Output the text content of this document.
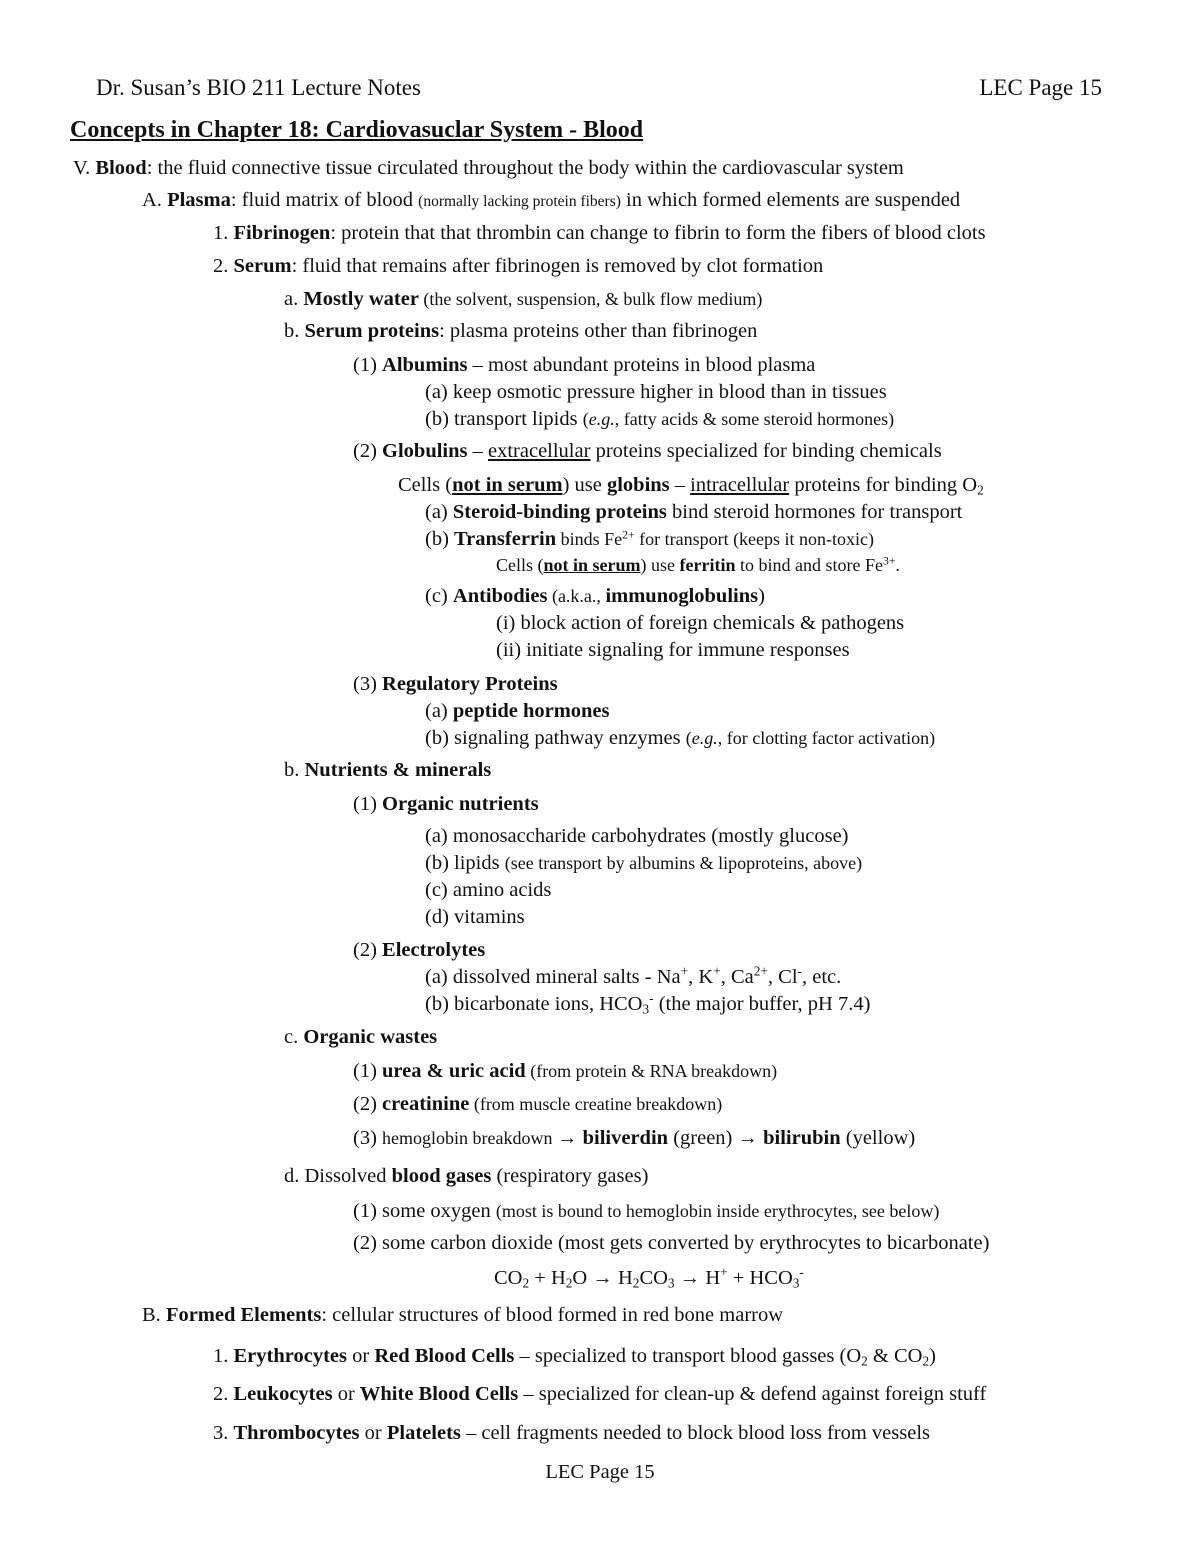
Dr. Susan’s BIO 211 Lecture Notes	LEC Page 15
Concepts in Chapter 18: Cardiovasuclar System - Blood
V. Blood: the fluid connective tissue circulated throughout the body within the cardiovascular system
A. Plasma: fluid matrix of blood (normally lacking protein fibers) in which formed elements are suspended
1. Fibrinogen: protein that that thrombin can change to fibrin to form the fibers of blood clots
2. Serum: fluid that remains after fibrinogen is removed by clot formation
a. Mostly water (the solvent, suspension, & bulk flow medium)
b. Serum proteins: plasma proteins other than fibrinogen
(1) Albumins – most abundant proteins in blood plasma
(a) keep osmotic pressure higher in blood than in tissues
(b) transport lipids (e.g., fatty acids & some steroid hormones)
(2) Globulins – extracellular proteins specialized for binding chemicals
Cells (not in serum) use globins – intracellular proteins for binding $O_2$
(a) Steroid-binding proteins bind steroid hormones for transport
(b) Transferrin binds $Fe^{2+}$ for transport (keeps it non-toxic)
Cells (not in serum) use ferritin to bind and store $Fe^{3+}$.
(c) Antibodies (a.k.a., immunoglobulins)
(i) block action of foreign chemicals & pathogens
(ii) initiate signaling for immune responses
(3) Regulatory Proteins
(a) peptide hormones
(b) signaling pathway enzymes (e.g., for clotting factor activation)
b. Nutrients & minerals
(1) Organic nutrients
(a) monosaccharide carbohydrates (mostly glucose)
(b) lipids (see transport by albumins & lipoproteins, above)
(c) amino acids
(d) vitamins
(2) Electrolytes
(a) dissolved mineral salts - Na+, K+, $Ca^{2+}$, Cl-, etc.
(b) bicarbonate ions, $HCO_3^-$ (the major buffer, pH 7.4)
c. Organic wastes
(1) urea & uric acid (from protein & RNA breakdown)
(2) creatinine (from muscle creatine breakdown)
(3) hemoglobin breakdown → biliverdin (green) → bilirubin (yellow)
d. Dissolved blood gases (respiratory gases)
(1) some oxygen (most is bound to hemoglobin inside erythrocytes, see below)
(2) some carbon dioxide (most gets converted by erythrocytes to bicarbonate)
$CO_2 + H_2O \to H_2CO_3 \to H^+ + HCO_3^-$
B. Formed Elements: cellular structures of blood formed in red bone marrow
1. Erythrocytes or Red Blood Cells – specialized to transport blood gasses ($O_2$ & $CO_2$)
2. Leukocytes or White Blood Cells – specialized for clean-up & defend against foreign stuff
3. Thrombocytes or Platelets – cell fragments needed to block blood loss from vessels
LEC Page 15
